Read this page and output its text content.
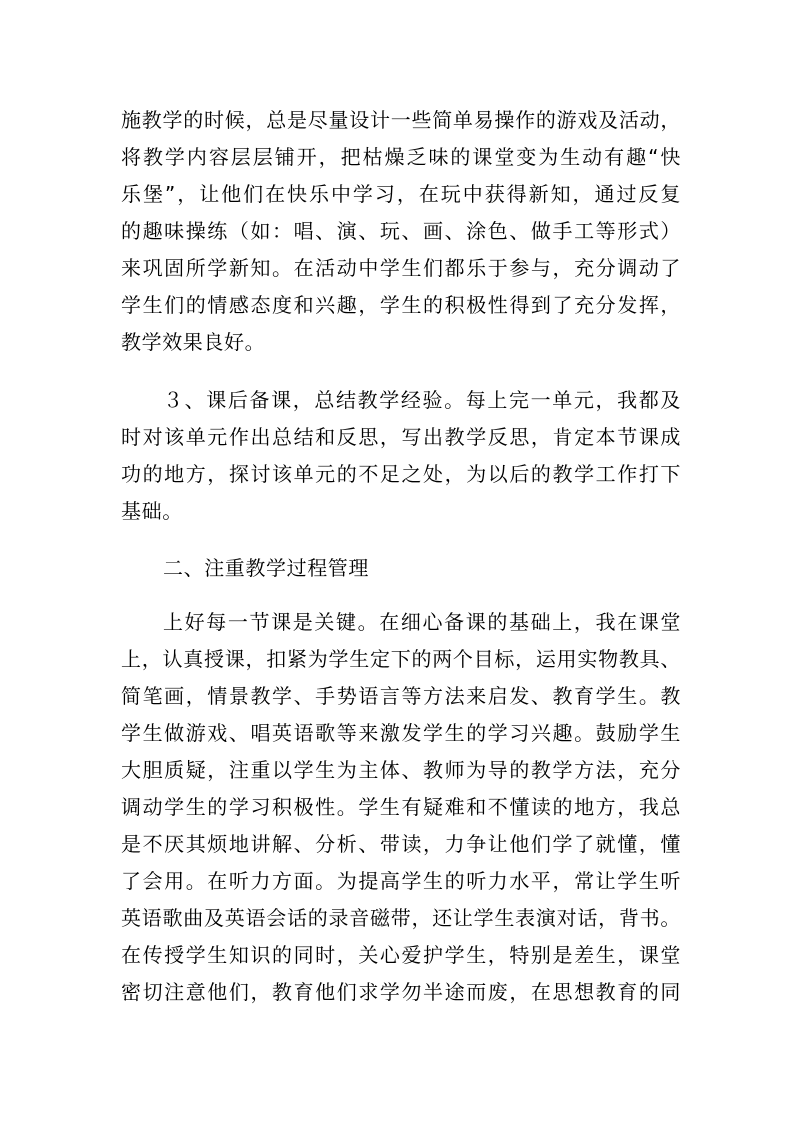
施教学的时候，总是尽量设计一些简单易操作的游戏及活动，
将教学内容层层铺开，把枯燥乏味的课堂变为生动有趣“快
乐堡”，让他们在快乐中学习，在玩中获得新知，通过反复
的趣味操练（如：唱、演、玩、画、涂色、做手工等形式）
来巩固所学新知。在活动中学生们都乐于参与，充分调动了
学生们的情感态度和兴趣，学生的积极性得到了充分发挥，
教学效果良好。
３、课后备课，总结教学经验。每上完一单元，我都及
时对该单元作出总结和反思，写出教学反思，肯定本节课成
功的地方，探讨该单元的不足之处，为以后的教学工作打下
基础。
二、注重教学过程管理
上好每一节课是关键。在细心备课的基础上，我在课堂
上，认真授课，扣紧为学生定下的两个目标，运用实物教具、
简笔画，情景教学、手势语言等方法来启发、教育学生。教
学生做游戏、唱英语歌等来激发学生的学习兴趣。鼓励学生
大胆质疑，注重以学生为主体、教师为导的教学方法，充分
调动学生的学习积极性。学生有疑难和不懂读的地方，我总
是不厌其烦地讲解、分析、带读，力争让他们学了就懂，懂
了会用。在听力方面。为提高学生的听力水平，常让学生听
英语歌曲及英语会话的录音磁带，还让学生表演对话，背书。
在传授学生知识的同时，关心爱护学生，特别是差生，课堂
密切注意他们，教育他们求学勿半途而废，在思想教育的同
